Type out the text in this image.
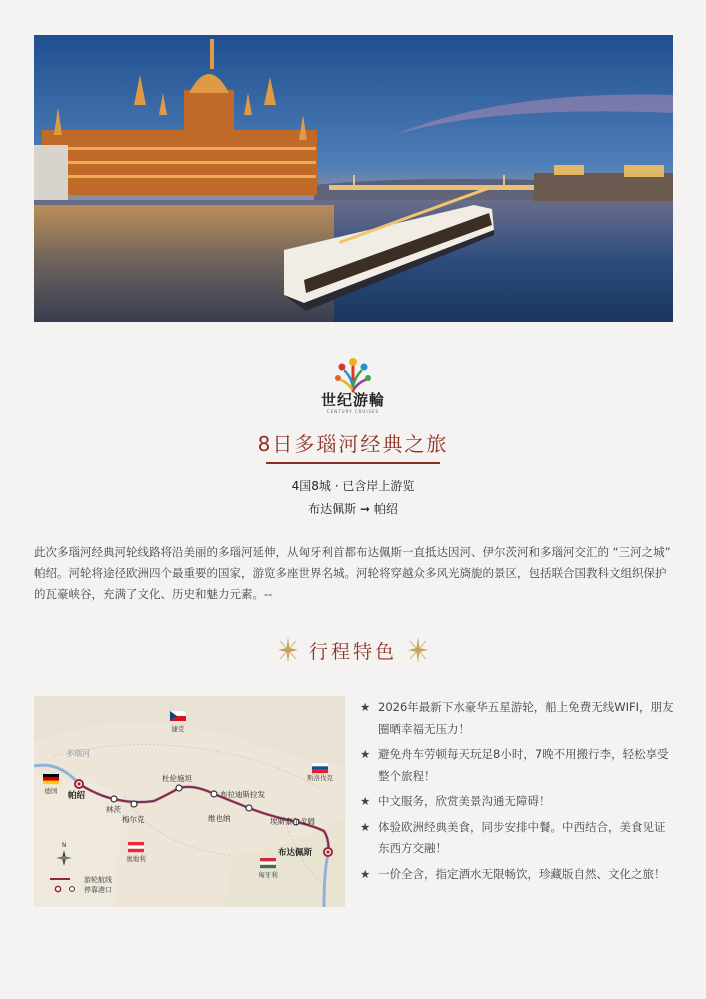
世纪游輪
CENTURY CRUISES
8日多瑙河经典之旅
4国8城 · 已含岸上游览
布达佩斯 ➞ 帕绍
此次多瑙河经典河轮线路将沿美丽的多瑙河延伸，从匈牙利首都布达佩斯一直抵达因河、伊尔茨河和多瑙河交汇的 “三河之城” 帕绍。河轮将途径欧洲四个最重要的国家，游览多座世界名城。河轮将穿越众多风光旖旎的景区，包括联合国教科文组织保护的瓦豪峡谷，充满了文化、历史和魅力元素。--
行程特色
多瑙河
捷克
德国
斯洛伐克
奥地利
匈牙利
帕绍
林茨
梅尔克
杜伦施坦
维也纳
布拉迪斯拉发
埃斯泰尔戈姆
布达佩斯
N
游轮航线
停靠港口
★ 2026年最新下水豪华五星游轮，船上免费无线WIFI，朋友圈晒幸福无压力！
★ 避免舟车劳顿每天玩足8小时，7晚不用搬行李，轻松享受整个旅程！
★ 中文服务，欣赏美景沟通无障碍！
★ 体验欧洲经典美食，同步安排中餐。中西结合，美食见证东西方交融！
★ 一价全含，指定酒水无限畅饮，珍藏版自然、文化之旅！
